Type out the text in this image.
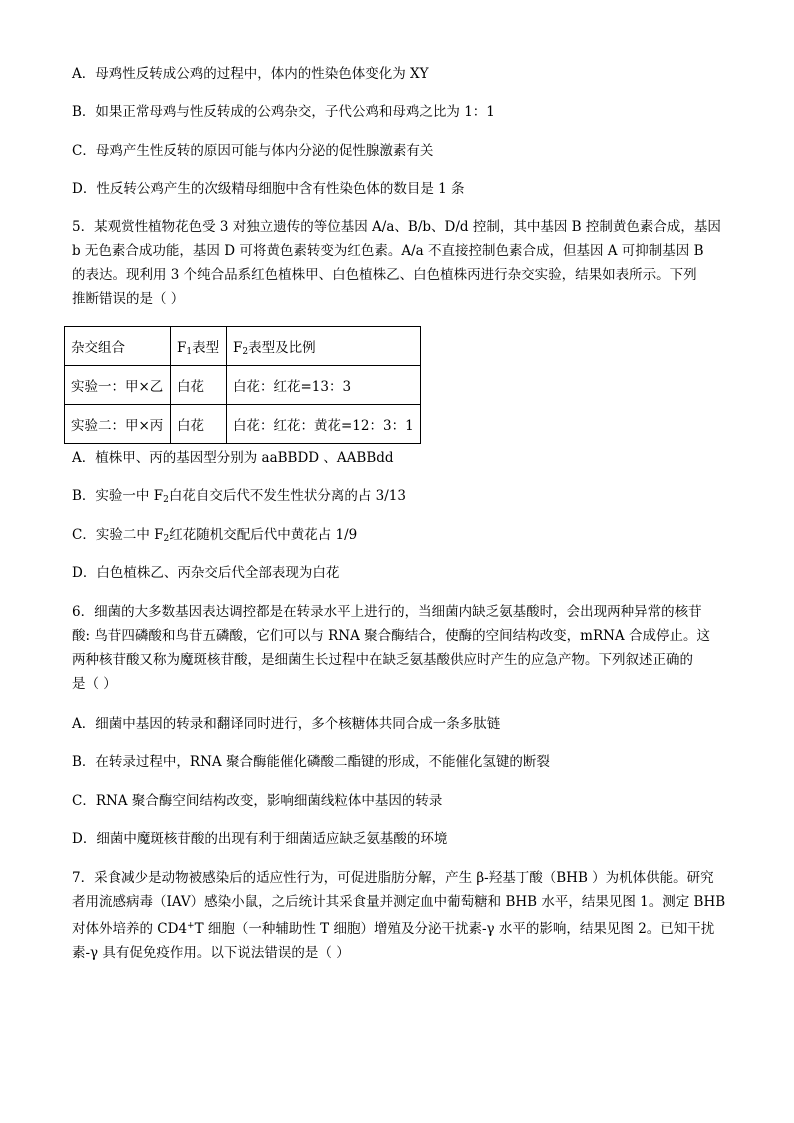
A．母鸡性反转成公鸡的过程中，体内的性染色体变化为 XY
B．如果正常母鸡与性反转成的公鸡杂交，子代公鸡和母鸡之比为 1：1
C．母鸡产生性反转的原因可能与体内分泌的促性腺激素有关
D．性反转公鸡产生的次级精母细胞中含有性染色体的数目是 1 条
5．某观赏性植物花色受 3 对独立遗传的等位基因 A/a、B/b、D/d 控制，其中基因 B 控制黄色素合成，基因
b 无色素合成功能，基因 D 可将黄色素转变为红色素。A/a 不直接控制色素合成，但基因 A 可抑制基因 B
的表达。现利用 3 个纯合品系红色植株甲、白色植株乙、白色植株丙进行杂交实验，结果如表所示。下列
推断错误的是（ ）
杂交组合	$F_1$表型	$F_2$表型及比例
实验一：甲×乙	白花	白花：红花=13：3
实验二：甲×丙	白花	白花：红花：黄花=12：3：1
A．植株甲、丙的基因型分别为 aaBBDD 、AABBdd
B．实验一中 $F_2$白花自交后代不发生性状分离的占 3/13
C．实验二中 $F_2$红花随机交配后代中黄花占 1/9
D．白色植株乙、丙杂交后代全部表现为白花
6．细菌的大多数基因表达调控都是在转录水平上进行的，当细菌内缺乏氨基酸时，会出现两种异常的核苷
酸: 鸟苷四磷酸和鸟苷五磷酸，它们可以与 RNA 聚合酶结合，使酶的空间结构改变，mRNA 合成停止。这
两种核苷酸又称为魔斑核苷酸，是细菌生长过程中在缺乏氨基酸供应时产生的应急产物。下列叙述正确的
是（ ）
A．细菌中基因的转录和翻译同时进行，多个核糖体共同合成一条多肽链
B．在转录过程中，RNA 聚合酶能催化磷酸二酯键的形成，不能催化氢键的断裂
C．RNA 聚合酶空间结构改变，影响细菌线粒体中基因的转录
D．细菌中魔斑核苷酸的出现有利于细菌适应缺乏氨基酸的环境
7．采食减少是动物被感染后的适应性行为，可促进脂肪分解，产生 β-羟基丁酸（BHB ）为机体供能。研究
者用流感病毒（IAV）感染小鼠，之后统计其采食量并测定血中葡萄糖和 BHB 水平，结果见图 1。测定 BHB
对体外培养的 CD4+T 细胞（一种辅助性 T 细胞）增殖及分泌干扰素-γ 水平的影响，结果见图 2。已知干扰
素-γ 具有促免疫作用。以下说法错误的是（ ）
